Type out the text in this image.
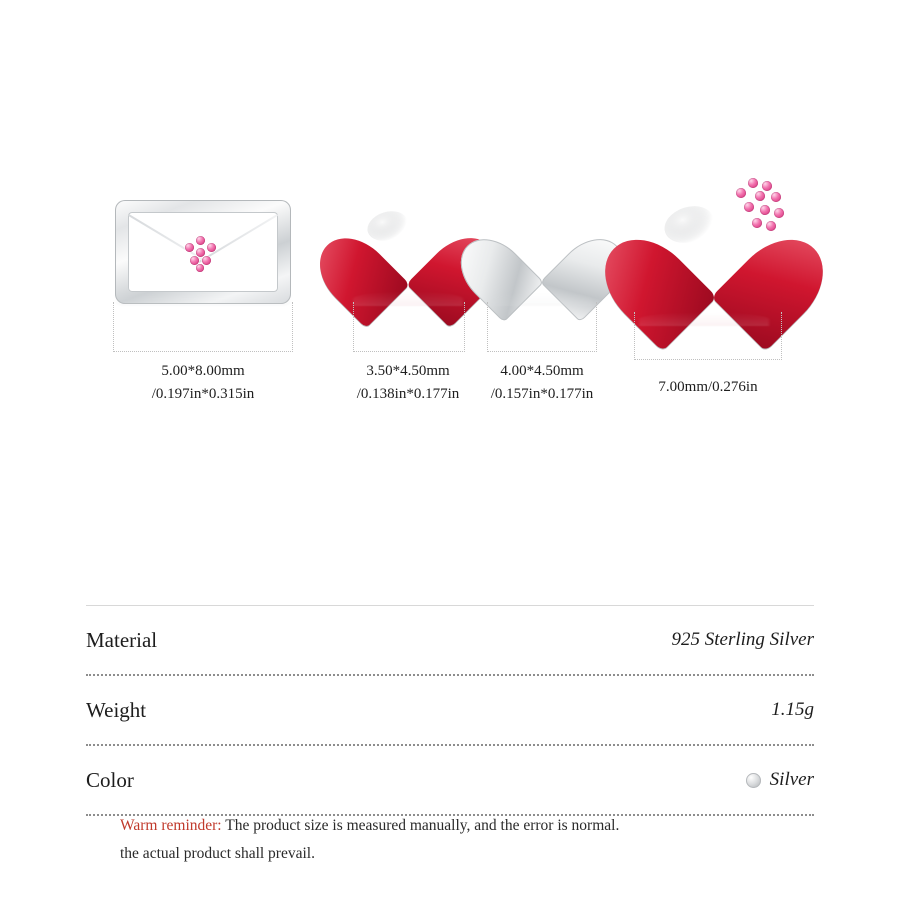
5.00*8.00mm
/0.197in*0.315in
3.50*4.50mm
/0.138in*0.177in
4.00*4.50mm
/0.157in*0.177in	7.00mm/0.276in
Material	925 Sterling Silver
Weight	1.15g
Color	Silver
Warm reminder: The product size is measured manually, and the error is normal.
the actual product shall prevail.
